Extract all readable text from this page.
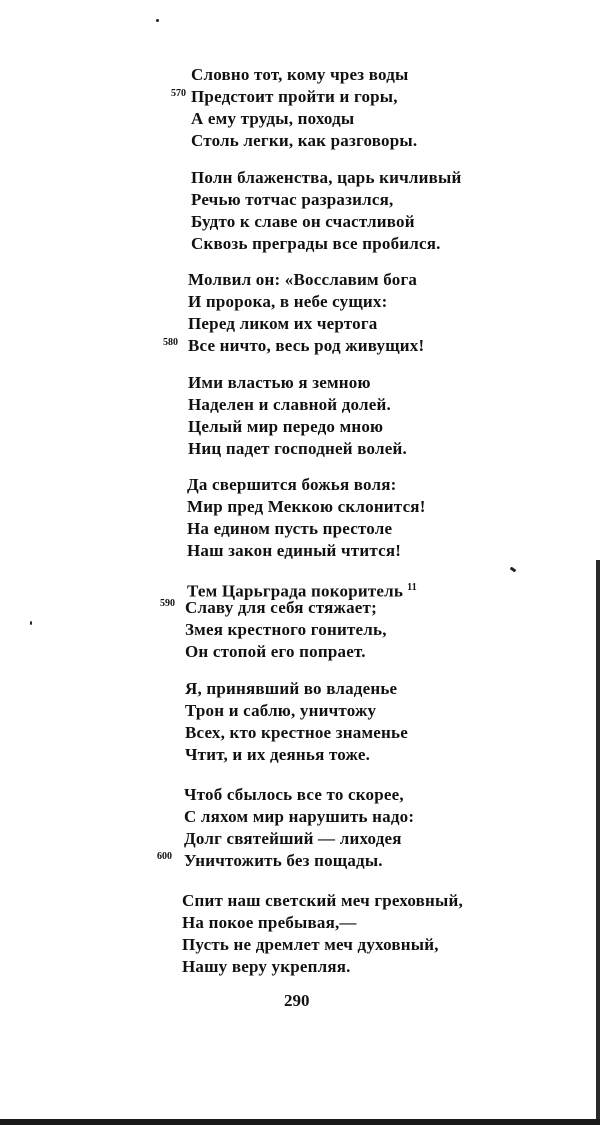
Словно тот, кому чрез воды
570 Предстоит пройти и горы,
А ему труды, походы
Столь легки, как разговоры.
Полн блаженства, царь кичливый
Речью тотчас разразился,
Будто к славе он счастливой
Сквозь преграды все пробился.
Молвил он: «Восславим бога
И пророка, в небе сущих:
Перед ликом их чертога
580 Все ничто, весь род живущих!
Ими властью я земною
Наделен и славной долей.
Целый мир передо мною
Ниц падет господней волей.
Да свершится божья воля:
Мир пред Меккою склонится!
На едином пусть престоле
Наш закон единый чтится!
Тем Царьграда покоритель $^{11}$
590 Славу для себя стяжает;
Змея крестного гонитель,
Он стопой его попрает.
Я, принявший во владенье
Трон и саблю, уничтожу
Всех, кто крестное знаменье
Чтит, и их деянья тоже.
Чтоб сбылось все то скорее,
С ляхом мир нарушить надо:
Долг святейший — лиходея
600 Уничтожить без пощады.
Спит наш светский меч греховный,
На покое пребывая,—
Пусть не дремлет меч духовный,
Нашу веру укрепляя.
290
